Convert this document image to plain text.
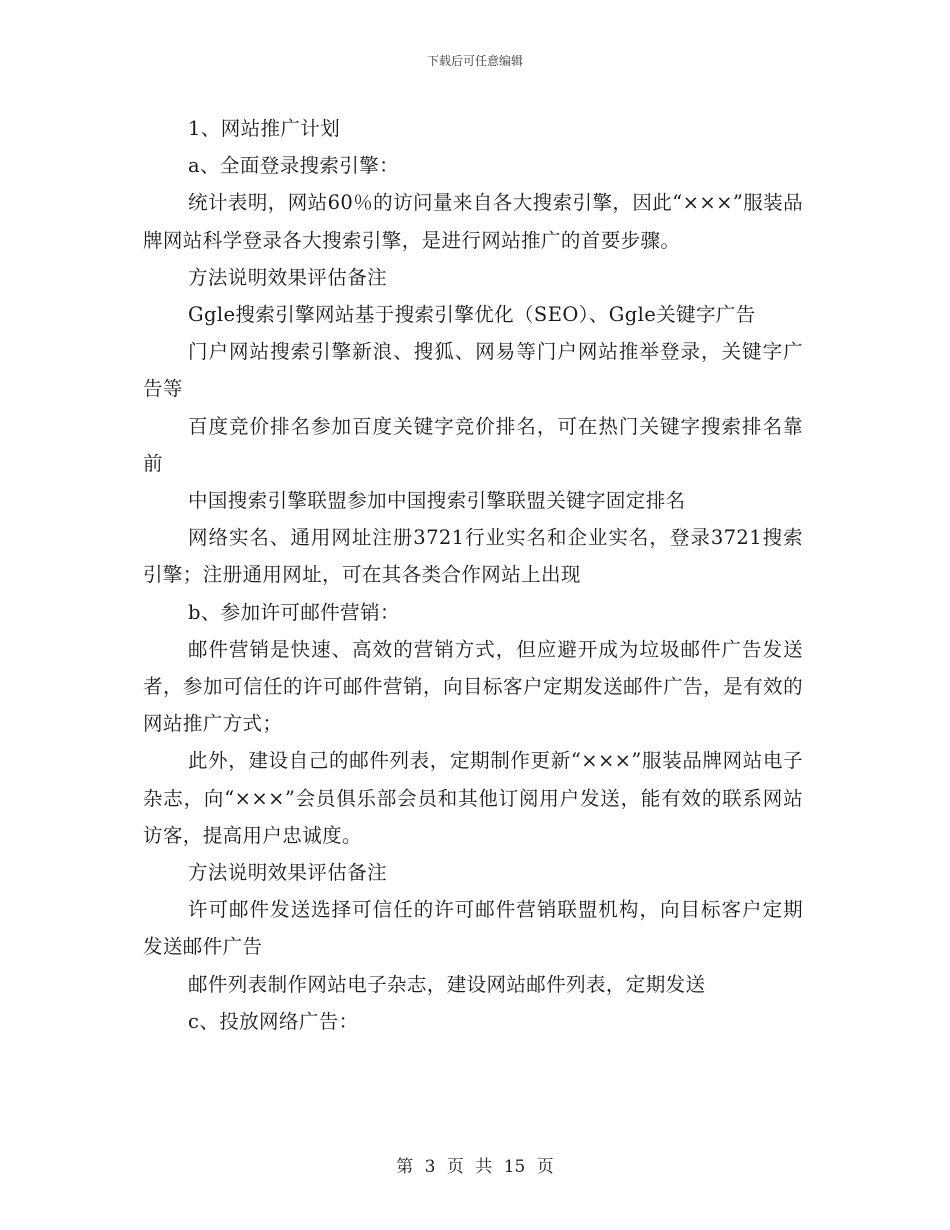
下载后可任意编辑

1、网站推广计划

a、全面登录搜索引擎：

统计表明，网站60％的访问量来自各大搜索引擎，因此“×××”服装品牌网站科学登录各大搜索引擎，是进行网站推广的首要步骤。

方法说明效果评估备注

Ggle搜索引擎网站基于搜索引擎优化（SEO）、Ggle关键字广告

门户网站搜索引擎新浪、搜狐、网易等门户网站推举登录，关键字广告等

百度竞价排名参加百度关键字竞价排名，可在热门关键字搜索排名靠前

中国搜索引擎联盟参加中国搜索引擎联盟关键字固定排名

网络实名、通用网址注册3721行业实名和企业实名，登录3721搜索引擎；注册通用网址，可在其各类合作网站上出现

b、参加许可邮件营销：

邮件营销是快速、高效的营销方式，但应避开成为垃圾邮件广告发送者，参加可信任的许可邮件营销，向目标客户定期发送邮件广告，是有效的网站推广方式；

此外，建设自己的邮件列表，定期制作更新“×××”服装品牌网站电子杂志，向“×××”会员俱乐部会员和其他订阅用户发送，能有效的联系网站访客，提高用户忠诚度。

方法说明效果评估备注

许可邮件发送选择可信任的许可邮件营销联盟机构，向目标客户定期发送邮件广告

邮件列表制作网站电子杂志，建设网站邮件列表，定期发送

c、投放网络广告：

第 3 页 共 15 页
